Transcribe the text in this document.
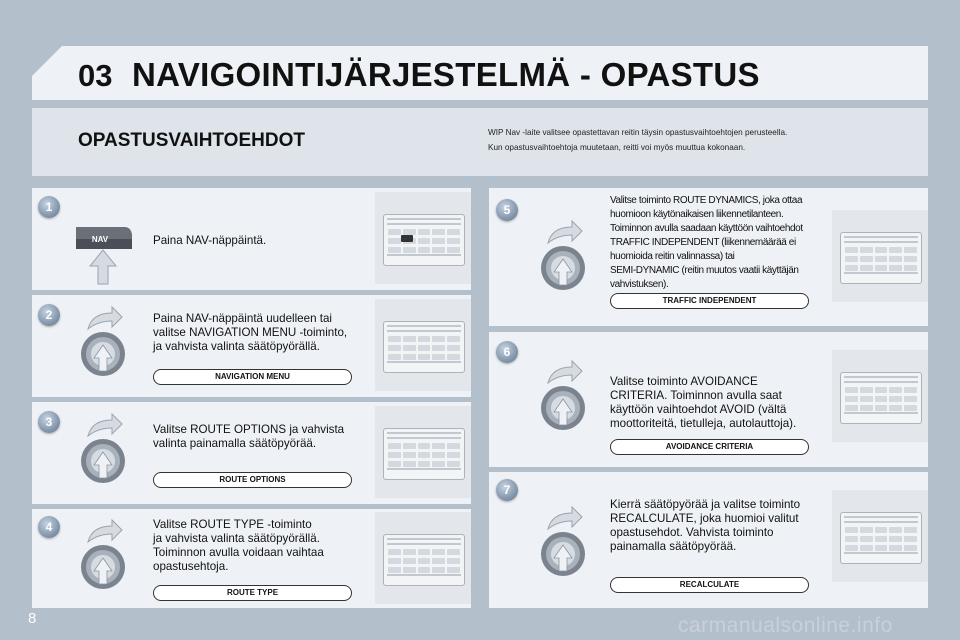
03 NAVIGOINTIJÄRJESTELMÄ - OPASTUS
OPASTUSVAIHTOEHDOT	WIP Nav -laite valitsee opastettavan reitin täysin opastusvaihtoehtojen perusteella.
Kun opastusvaihtoehtoja muutetaan, reitti voi myös muuttua kokonaan.
1
NAV	Paina NAV-näppäintä.
2	Paina NAV-näppäintä uudelleen tai
valitse NAVIGATION MENU -toiminto,
ja vahvista valinta säätöpyörällä.
NAVIGATION MENU
3
Valitse ROUTE OPTIONS ja vahvista
valinta painamalla säätöpyörää.
ROUTE OPTIONS
4	Valitse ROUTE TYPE -toiminto
ja vahvista valinta säätöpyörällä.
Toiminnon avulla voidaan vaihtaa
opastusehtoja.
ROUTE TYPE
5
Valitse toiminto ROUTE DYNAMICS, joka ottaa
huomioon käytönaikaisen liikennetilanteen.
Toiminnon avulla saadaan käyttöön vaihtoehdot
TRAFFIC INDEPENDENT (liikennemäärää ei
huomioida reitin valinnassa) tai
SEMI-DYNAMIC (reitin muutos vaatii käyttäjän
vahvistuksen).
TRAFFIC INDEPENDENT
6
Valitse toiminto AVOIDANCE
CRITERIA. Toiminnon avulla saat
käyttöön vaihtoehdot AVOID (vältä
moottoriteitä, tietulleja, autolauttoja).
AVOIDANCE CRITERIA
7
Kierrä säätöpyörää ja valitse toiminto
RECALCULATE, joka huomioi valitut
opastusehdot. Vahvista toiminto
painamalla säätöpyörää.
RECALCULATE
8	carmanualsonline.info
